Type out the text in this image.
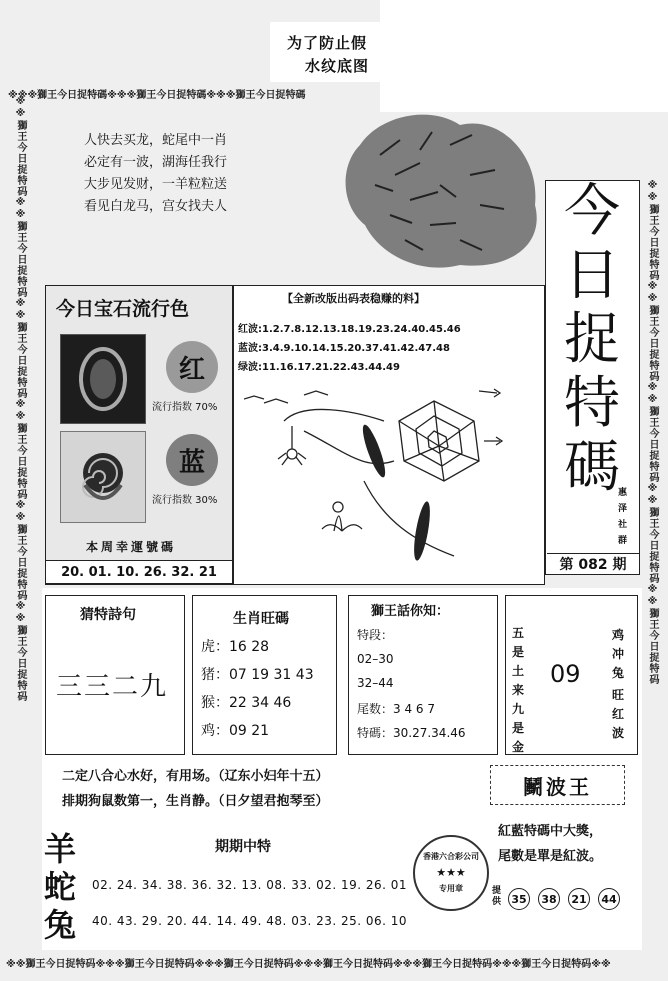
为了防止假
水纹底图
※※※獅王今日捉特碼※※※獅王今日捉特碼※※※獅王今日捉特碼
※※獅王今日捉特码※※獅王今日捉特码※※獅王今日捉特码※※獅王今日捉特码※※獅王今日捉特码※※獅王今日捉特码	※※獅王今日捉特码※※獅王今日捉特码※※獅王今日捉特码※※獅王今日捉特码※※獅王今日捉特码
※※獅王今日捉特码※※※獅王今日捉特码※※※獅王今日捉特码※※※獅王今日捉特码※※※獅王今日捉特码※※※獅王今日捉特码※※
人快去买龙，蛇尾中一肖
必定有一波，湖海任我行
大步见发财，一羊粒粒送
看见白龙马，宫女找夫人	今
日
捉
特
碼
惠
泽
社
群
第 082 期
今日宝石流行色
红
流行指数 70%
蓝
流行指数 30%
本周幸運號碼
20. 01. 10. 26. 32. 21
【全新改版出码表稳赚的料】
红波:1.2.7.8.12.13.18.19.23.24.40.45.46
蓝波:3.4.9.10.14.15.20.37.41.42.47.48
绿波:11.16.17.21.22.43.44.49
猜特詩句
三三二九
生肖旺碼
虎：16 28
猪：07 19 31 43
猴：22 34 46
鸡：09 21
獅王話你知：
特段：
02–30
32–44
尾数：3 4 6 7
特碼：30.27.34.46
五是土
来九是金
09
鸡冲兔
旺红波
二定八合心水好，有用场。（辽东小妇年十五）
排期狗鼠数第一，生肖静。（日夕望君抱琴至）
鬭波王
紅藍特碼中大獎，
尾數是單是紅波。
香港六合彩公司
★★★
专用章	提供 35	38	21	44
羊
蛇
兔
期期中特
02. 24. 34. 38. 36. 32. 13. 08. 33. 02. 19. 26. 01
40. 43. 29. 20. 44. 14. 49. 48. 03. 23. 25. 06. 10
